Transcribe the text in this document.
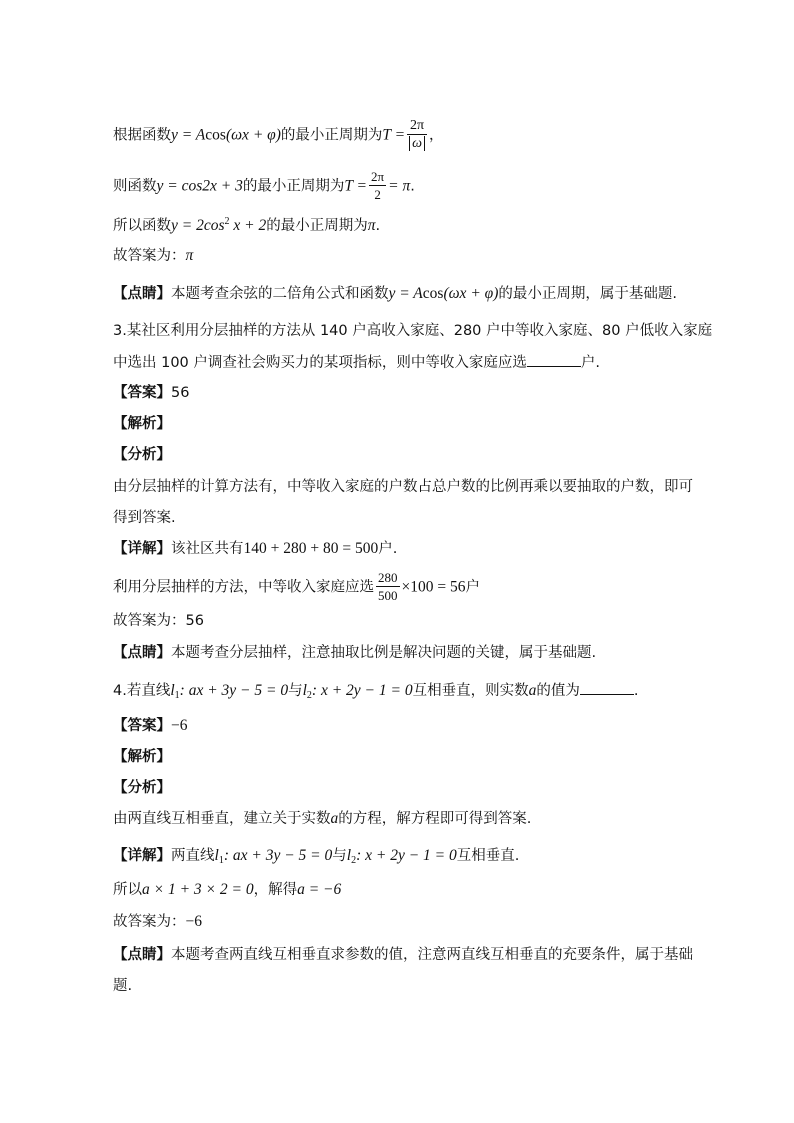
根据函数y = Acos(ωx + φ)的最小正周期为$T = \frac{2\pi}{\omega}$ ，
则函数y = cos2x + 3的最小正周期为$T = \frac{2\pi}{2} = \pi$.
所以函数$y = 2\cos^2$ x + 2的最小正周期为π.
故答案为：π
【点睛】本题考查余弦的二倍角公式和函数y = Acos(ωx + φ)的最小正周期，属于基础题.
3.某社区利用分层抽样的方法从 140 户高收入家庭、280 户中等收入家庭、80 户低收入家庭
中选出 100 户调查社会购买力的某项指标，则中等收入家庭应选	户.
【答案】56
【解析】
【分析】
由分层抽样的计算方法有，中等收入家庭的户数占总户数的比例再乘以要抽取的户数，即可
得到答案.
【详解】该社区共有140 + 280 + 80 = 500户.
利用分层抽样的方法，中等收入家庭应选 $\frac{280}{500} \times 100 = 56$户
故答案为：56
【点睛】本题考查分层抽样，注意抽取比例是解决问题的关键，属于基础题.
4.若直线$l_1$: ax + 3y − 5 = 0与$l_2$: x + 2y − 1 = 0互相垂直，则实数a的值为	.
【答案】−6
【解析】
【分析】
由两直线互相垂直，建立关于实数a的方程，解方程即可得到答案.
【详解】两直线$l_1$: ax + 3y − 5 = 0与$l_2$: x + 2y − 1 = 0互相垂直.
所以a × 1 + 3 × 2 = 0，解得a = −6
故答案为：−6
【点睛】本题考查两直线互相垂直求参数的值，注意两直线互相垂直的充要条件，属于基础
题.
